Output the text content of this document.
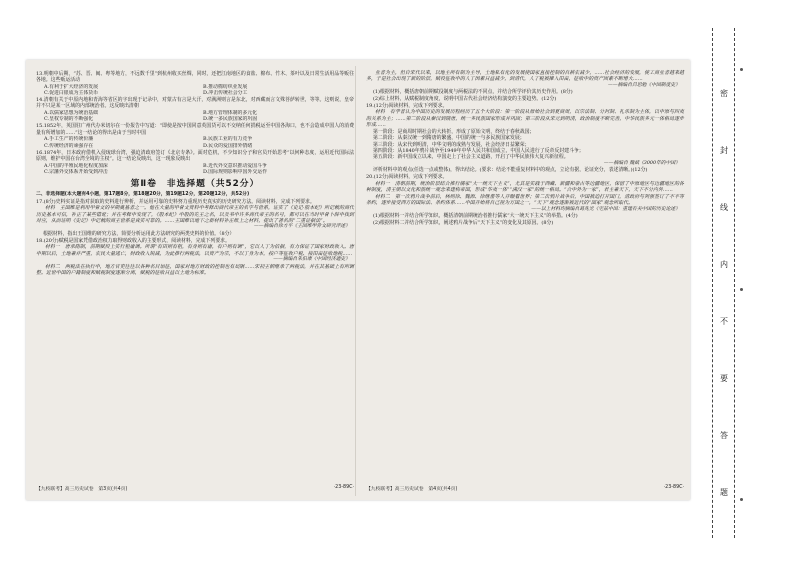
13.明朝中后期，“苏、晋、闽、粤等地方，不远数千里”到杭州收买丝绸，同时，还把江南地区的食盐、棉布、竹木、茶叶以及日常生活用品等贩往各地。这些贩运活动

A.有利于扩大经济的发展	B.推动棉纺织业发展
C.促进白银成为主体货币	D.冲击传统社会分工

14.清朝有关于中原内地和青海等省区的字出现于记录中，对蒙古有言是大汗，对满洲则言是东北，对西藏而言文殊菩萨转世，等等。这则说，皇帝并不只是某一区域的内部统治者。这反映出清朝

A.以儒家思想为统治基础	B.地方管理体制的多元化
C.皇权专制的不断强化	D.统一多民族国家的巩固

15.1852年，英国驻广州代办米切尔在一份报告中写道：“即使是按中国同意英国货可以不交纳任何捐税运至中国各海口，也不会造成中国人的消费量有所增加的……”这一结论的得出是由于当时中国

A.手工生产的传统价廉	B.民族工业的有力竞争
C.传统经济的顽强存在	D.民众的爱国排外情绪

16.1874年，日本政府借机入侵琉球台湾，强迫清政府签订《北京专条》。面对危机，不少知识分子和官员开始思考“以何种态度，运用近代国际法原则，维护中国在台湾全境的主权”。这一结论反映出，这一现象反映出

A.中国的半殖民地化程度加深	B.近代外交意识推动爱国斗争
C.宗藩外交体系开始受到冲击	D.国际规则影响中国外交运作
第Ⅱ卷　非选择题（共52分）

二、非选择题(本大题有4小题，第17题8分，第18题20分，第19题12分，第20题12分，共52分)

17.(8分)史料实证是指对获取的史料进行辨析，并运用可靠的史料努力重现历史真实的历史研究方法。阅读材料，完成下列要求。

材料　王国维是利用甲骨文的早期奠基者之一。他在大量的甲骨文资料中考释出商代帝王的名字与世系，证实了《史记·殷本纪》所记载的商代历史基本可信，补正了某些错讹；并在考释中发现了，《殷本纪》中殷的先王之名，以及书中许多商代帝王的名号，都可以在当时甲骨卜辞中找到对应，从而证明《史记》中记载的商王世系是真实可靠的。……王国维以地下之新材料补正纸上之材料，提出了著名的“二重证据法”。

——摘编自徐方平《王国维甲骨文研究评述》

根据材料，指出王国维的研究方法，简要分析运用此方法研究的两类史料的价值。（8分）

18.(20分)赋税是国家凭借政治权力取得财政收入的主要形式，阅读材料，完成下列要求。

材料一　唐承隋制，前期赋役上实行租庸调。所谓“有田则有租，有身则有庸，有户则有调”，它以人丁为依据，有力保证了国家财政收入。唐中期以后，土地兼并严重，农民大量逃亡，财政收入锐减，为此推行两税法，以资产为宗，不以丁身为本，按户等征收户税、按田亩征收地税……

——摘编自朱伯康《中国经济通史》

材料二　两税法在执行中，地方官吏往往以各种名目加征，国家对地方财政的控制也有局限……宋初王朝继承了两税法，并在其基础上有所调整。近世中国的户籍制度和赋税制度逐渐分离，赋税的征收日益以土地为标准。

业者为主，但自宋代以来，以地主所有制为主导，土地私有化的发展使国家直接控制的自耕农减少，……社会经济的发展，使工商业者越来越多，于是社会出现了新的阶层，赋役征收中的人丁因素日益减少，到清代，人丁税被摊入田亩，征收中的资产因素不断增大……

——摘编自吕思勉《中国制度史》

(1)根据材料，概括唐朝前期赋役制度与两税法的不同点，并结合所学评价其历史作用。(8分)

(2)综上材料，从赋税制度角度，说明中国古代社会经济结构演变的主要趋势。(12分)

19.(12分)阅读材料，完成下列要求。

材料　有学者认为中国历史的发展历程经历了五个大阶段：第一阶段从原始社会到夏商周，以宗法制、分封制、礼乐制为主体，以中原与四夷的关系为主；……第二阶段从秦汉到隋唐，统一多民族国家形成并巩固；第三阶段从宋元到明清，政治制度不断完善，中华民族多元一体格局逐步形成……

第一阶段：是商周时期社会的大转折，形成了原始文明，终结于春秋战国；

第二阶段：从秦汉统一到隋唐的繁盛，中国的统一与多民族国家发展；

第三阶段：从宋代到明清，中华文明的成熟与发展，社会经济日益繁荣；

第四阶段：从1840年鸦片战争至1949年中华人民共和国成立，中国人民进行了反帝反封建斗争；

第五阶段：新中国成立以来，中国走上了社会主义道路，开启了中华民族伟大复兴新征程。

——摘编自 魏斌《3000年的中国》

评析材料中的观点(任选一点或整体)，得出结论。(要求：结论不能重复材料中的观点，立论有据，论证充分，表述清晰。)(12分)

20.(12分)阅读材料，完成下列要求。

材料一　清朝前期，统治阶层结合推行儒家“大一统天下主义”，尤其是实践于西藏、新疆和蒙古等边疆地区，保留了中原地区与边疆地区的各种制度，清王朝以文化和族统一观念来建构帝国，形成“华夷一体”“满汉一家”的统一格局。“合中外为一家”，君主兼天下，天下不分内外……

材料二　第一次鸦片战争前后，林则徐、魏源、徐继畲等人开眼看世界；第二次鸦片战争后，中国被迫打开国门，清政府与列强签订了不平等条约，逐步接受西方的国际法、条约体系……中国开始将自己视为万国之一，“天下”观念逐渐被近代的“国家”观念所取代。

——以上材料均摘编自葛兆光《宅兹中国：重建有关中国的历史论述》

(1)根据材料一并结合所学知识，概括清朝前期统治者推行儒家“大一统天下主义”的举措。(4分)

(2)根据材料二并结合所学知识，阐述鸦片战争后“天下主义”的变化及其原因。(8分)

【九校联考】高三历史试卷　第3页(共4页)	·23-89C·	【九校联考】高三历史试卷　第4页(共4页)	·23-89C·
密
封
线
内
不
要
答
题
